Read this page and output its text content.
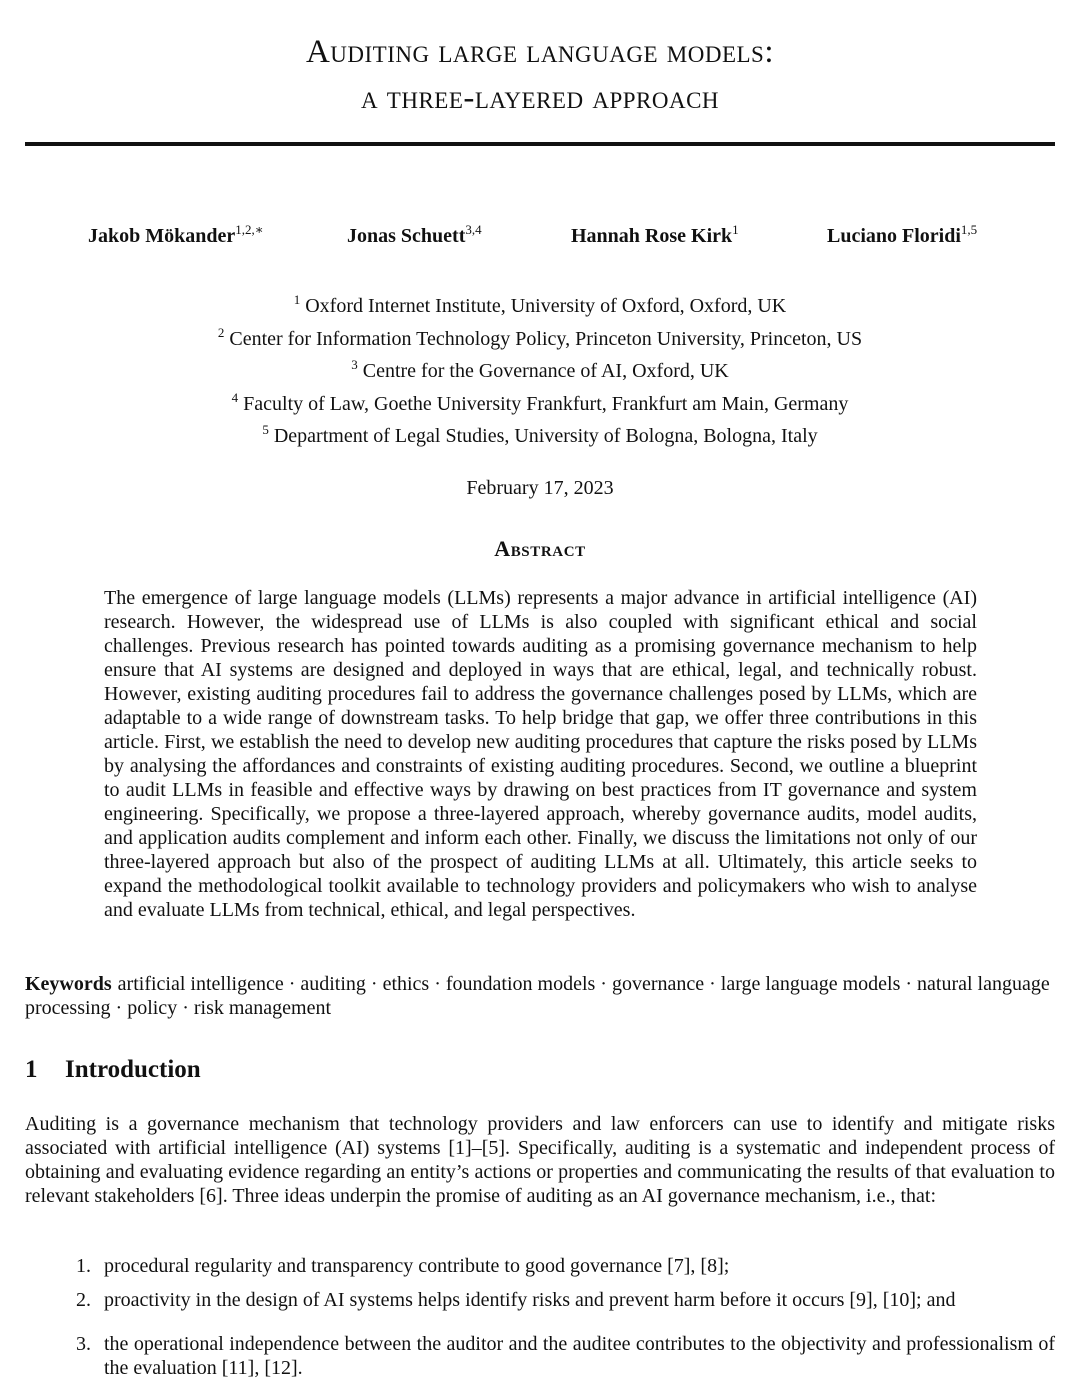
Auditing large language models:
a three-layered approach
Jakob Mökander$^{1,2,∗}$	Jonas Schuett$^{3,4}$	Hannah Rose Kirk$^1$	Luciano Floridi$^{1,5}$
$^1$ Oxford Internet Institute, University of Oxford, Oxford, UK
$^2$ Center for Information Technology Policy, Princeton University, Princeton, US
$^3$ Centre for the Governance of AI, Oxford, UK
$^4$ Faculty of Law, Goethe University Frankfurt, Frankfurt am Main, Germany
$^5$ Department of Legal Studies, University of Bologna, Bologna, Italy
February 17, 2023
Abstract
The emergence of large language models (LLMs) represents a major advance in artificial intelligence (AI) research. However, the widespread use of LLMs is also coupled with significant ethical and social challenges. Previous research has pointed towards auditing as a promising governance mechanism to help ensure that AI systems are designed and deployed in ways that are ethical, legal, and technically robust. However, existing auditing procedures fail to address the governance challenges posed by LLMs, which are adaptable to a wide range of downstream tasks. To help bridge that gap, we offer three contributions in this article. First, we establish the need to develop new auditing procedures that capture the risks posed by LLMs by analysing the affordances and constraints of existing auditing procedures. Second, we outline a blueprint to audit LLMs in feasible and effective ways by drawing on best practices from IT governance and system engineering. Specifically, we propose a three-layered approach, whereby governance audits, model audits, and application audits complement and inform each other. Finally, we discuss the limitations not only of our three-layered approach but also of the prospect of auditing LLMs at all. Ultimately, this article seeks to expand the methodological toolkit available to technology providers and policymakers who wish to analyse and evaluate LLMs from technical, ethical, and legal perspectives.
Keywords artificial intelligence · auditing · ethics · foundation models · governance · large language models · natural language processing · policy · risk management
1 Introduction
Auditing is a governance mechanism that technology providers and law enforcers can use to identify and mitigate risks associated with artificial intelligence (AI) systems [1]–[5]. Specifically, auditing is a systematic and independent process of obtaining and evaluating evidence regarding an entity’s actions or properties and communicating the results of that evaluation to relevant stakeholders [6]. Three ideas underpin the promise of auditing as an AI governance mechanism, i.e., that:
1. procedural regularity and transparency contribute to good governance [7], [8];
2. proactivity in the design of AI systems helps identify risks and prevent harm before it occurs [9], [10]; and
3. the operational independence between the auditor and the auditee contributes to the objectivity and professionalism of the evaluation [11], [12].
